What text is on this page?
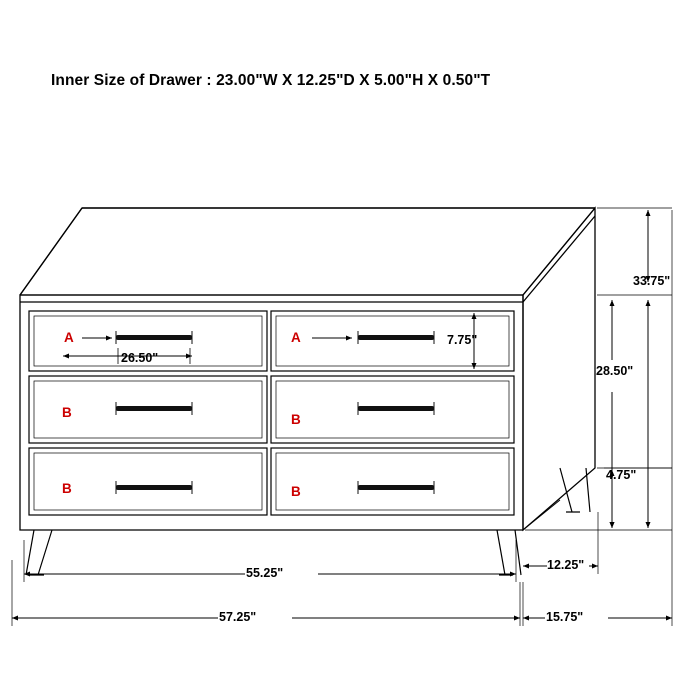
Inner Size of Drawer : 23.00"W X 12.25"D X 5.00"H X 0.50"T
A	A
B	B
B	B
26.50"
7.75"
33.75"
28.50"
4.75"
55.25"
57.25"
12.25"
15.75"
